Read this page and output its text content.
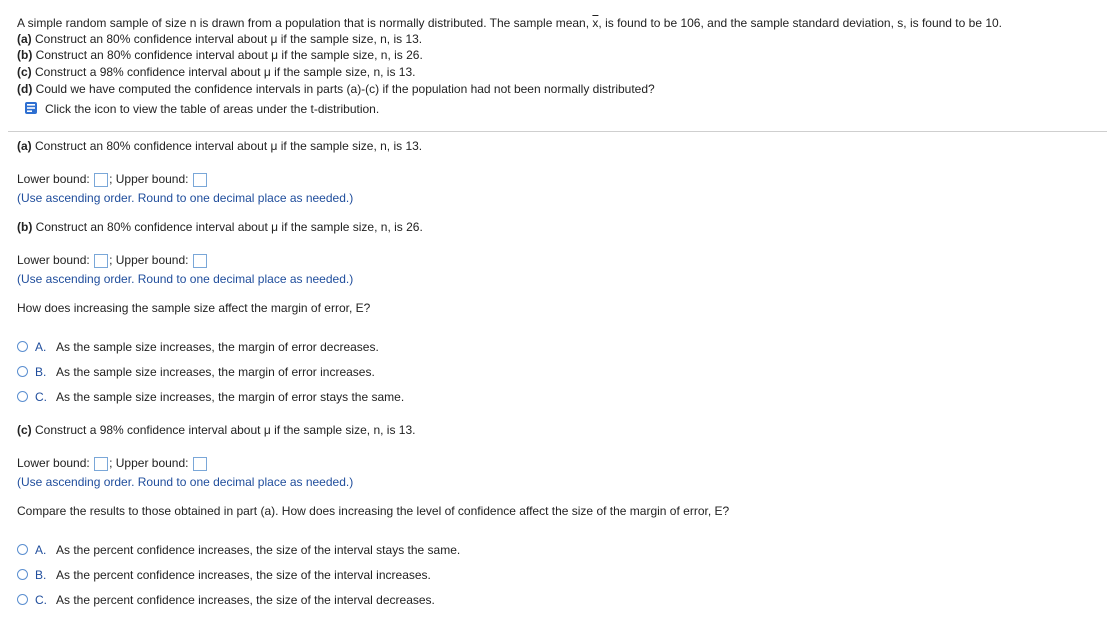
A simple random sample of size n is drawn from a population that is normally distributed. The sample mean, $\overline{x}$, is found to be 106, and the sample standard deviation, s, is found to be 10.
(a) Construct an 80% confidence interval about μ if the sample size, n, is 13.
(b) Construct an 80% confidence interval about μ if the sample size, n, is 26.
(c) Construct a 98% confidence interval about μ if the sample size, n, is 13.
(d) Could we have computed the confidence intervals in parts (a)-(c) if the population had not been normally distributed?
Click the icon to view the table of areas under the t-distribution.
(a) Construct an 80% confidence interval about μ if the sample size, n, is 13.
Lower bound: ; Upper bound:
(Use ascending order. Round to one decimal place as needed.)
(b) Construct an 80% confidence interval about μ if the sample size, n, is 26.
Lower bound: ; Upper bound:
(Use ascending order. Round to one decimal place as needed.)
How does increasing the sample size affect the margin of error, E?
A. As the sample size increases, the margin of error decreases.
B. As the sample size increases, the margin of error increases.
C. As the sample size increases, the margin of error stays the same.
(c) Construct a 98% confidence interval about μ if the sample size, n, is 13.
Lower bound: ; Upper bound:
(Use ascending order. Round to one decimal place as needed.)
Compare the results to those obtained in part (a). How does increasing the level of confidence affect the size of the margin of error, E?
A. As the percent confidence increases, the size of the interval stays the same.
B. As the percent confidence increases, the size of the interval increases.
C. As the percent confidence increases, the size of the interval decreases.
